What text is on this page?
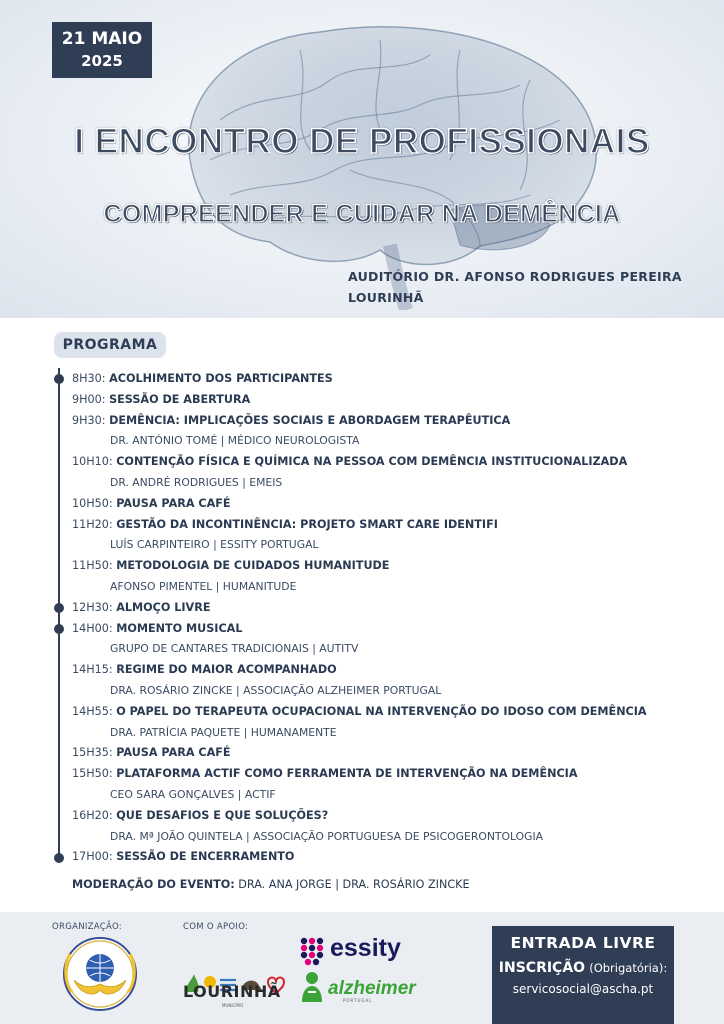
21 MAIO
2025
I ENCONTRO DE PROFISSIONAIS
COMPREENDER E CUIDAR NA DEMÊNCIA
AUDITÓRIO DR. AFONSO RODRIGUES PEREIRA
LOURINHÃ
PROGRAMA
8H30: ACOLHIMENTO DOS PARTICIPANTES
9H00: SESSÃO DE ABERTURA
9H30: DEMÊNCIA: IMPLICAÇÕES SOCIAIS E ABORDAGEM TERAPÊUTICA
DR. ANTÓNIO TOMÉ | MÉDICO NEUROLOGISTA
10H10: CONTENÇÃO FÍSICA E QUÍMICA NA PESSOA COM DEMÊNCIA INSTITUCIONALIZADA
DR. ANDRÉ RODRIGUES | EMEIS
10H50: PAUSA PARA CAFÉ
11H20: GESTÃO DA INCONTINÊNCIA: PROJETO SMART CARE IDENTIFI
LUÍS CARPINTEIRO | ESSITY PORTUGAL
11H50: METODOLOGIA DE CUIDADOS HUMANITUDE
AFONSO PIMENTEL | HUMANITUDE
12H30: ALMOÇO LIVRE
14H00: MOMENTO MUSICAL
GRUPO DE CANTARES TRADICIONAIS | AUTITV
14H15: REGIME DO MAIOR ACOMPANHADO
DRA. ROSÁRIO ZINCKE | ASSOCIAÇÃO ALZHEIMER PORTUGAL
14H55: O PAPEL DO TERAPEUTA OCUPACIONAL NA INTERVENÇÃO DO IDOSO COM DEMÊNCIA
DRA. PATRÍCIA PAQUETE | HUMANAMENTE
15H35: PAUSA PARA CAFÉ
15H50: PLATAFORMA ACTIF COMO FERRAMENTA DE INTERVENÇÃO NA DEMÊNCIA
CEO SARA GONÇALVES | ACTIF
16H20: QUE DESAFIOS E QUE SOLUÇÕES?
DRA. Mª JOÃO QUINTELA | ASSOCIAÇÃO PORTUGUESA DE PSICOGERONTOLOGIA
17H00: SESSÃO DE ENCERRAMENTO
MODERAÇÃO DO EVENTO: DRA. ANA JORGE | DRA. ROSÁRIO ZINCKE
ORGANIZAÇÃO:	COM O APOIO:
LOURINHÃ
MUNICÍPIO
essity
alzheimer
PORTUGAL
ENTRADA LIVRE
INSCRIÇÃO (Obrigatória):
servicosocial@ascha.pt
